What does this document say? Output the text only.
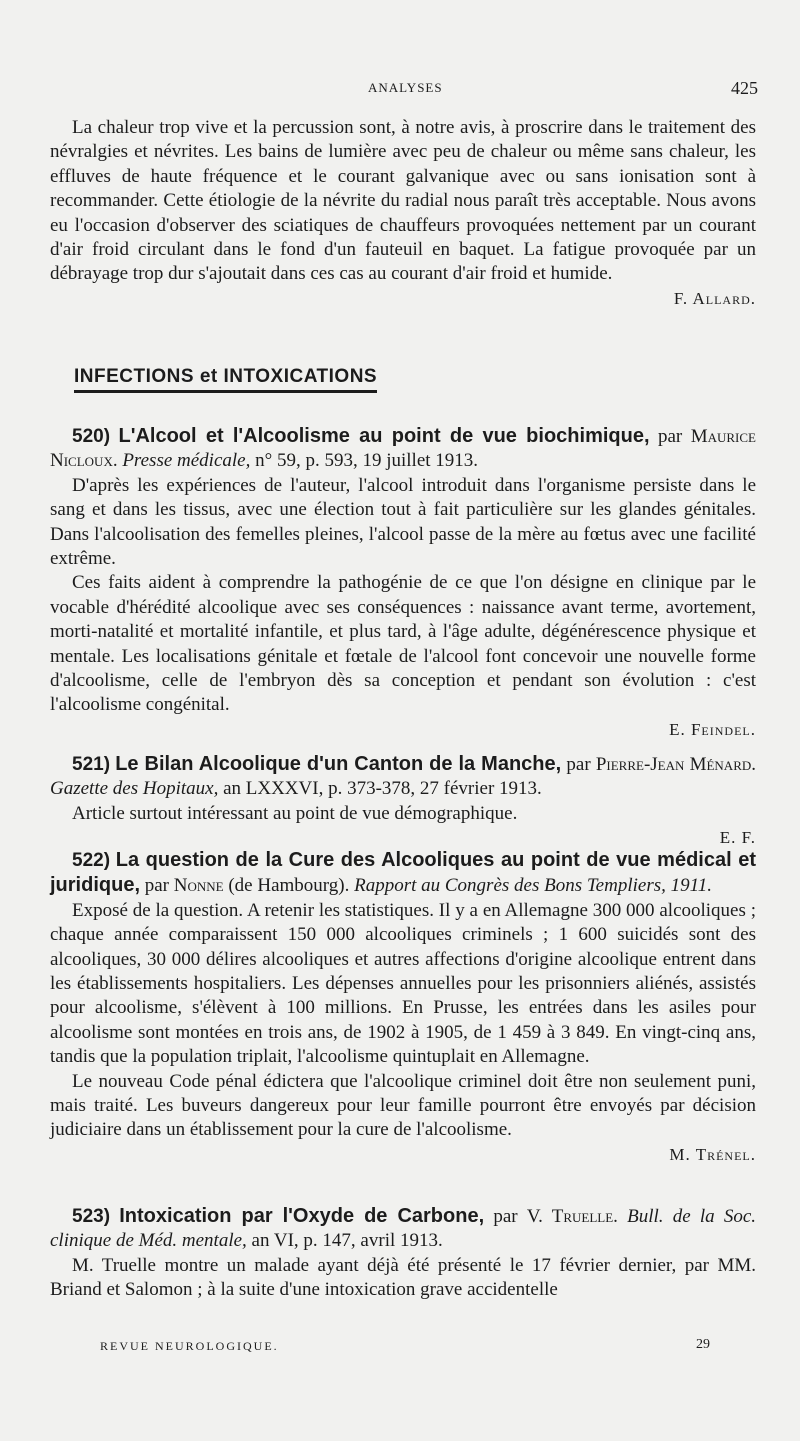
ANALYSES	425

La chaleur trop vive et la percussion sont, à notre avis, à proscrire dans le traitement des névralgies et névrites. Les bains de lumière avec peu de chaleur ou même sans chaleur, les effluves de haute fréquence et le courant galvanique avec ou sans ionisation sont à recommander. Cette étiologie de la névrite du radial nous paraît très acceptable. Nous avons eu l'occasion d'observer des sciatiques de chauffeurs provoquées nettement par un courant d'air froid circulant dans le fond d'un fauteuil en baquet. La fatigue provoquée par un débrayage trop dur s'ajoutait dans ces cas au courant d'air froid et humide.

F. Allard.
INFECTIONS et INTOXICATIONS

520) L'Alcool et l'Alcoolisme au point de vue biochimique, par Maurice Nicloux. Presse médicale, n° 59, p. 593, 19 juillet 1913.

D'après les expériences de l'auteur, l'alcool introduit dans l'organisme persiste dans le sang et dans les tissus, avec une élection tout à fait particulière sur les glandes génitales. Dans l'alcoolisation des femelles pleines, l'alcool passe de la mère au fœtus avec une facilité extrême.

Ces faits aident à comprendre la pathogénie de ce que l'on désigne en clinique par le vocable d'hérédité alcoolique avec ses conséquences : naissance avant terme, avortement, morti-natalité et mortalité infantile, et plus tard, à l'âge adulte, dégénérescence physique et mentale. Les localisations génitale et fœtale de l'alcool font concevoir une nouvelle forme d'alcoolisme, celle de l'embryon dès sa conception et pendant son évolution : c'est l'alcoolisme congénital.

E. Feindel.

521) Le Bilan Alcoolique d'un Canton de la Manche, par Pierre-Jean Ménard. Gazette des Hopitaux, an LXXXVI, p. 373-378, 27 février 1913.

Article surtout intéressant au point de vue démographique.

E. F.

522) La question de la Cure des Alcooliques au point de vue médical et juridique, par Nonne (de Hambourg). Rapport au Congrès des Bons Templiers, 1911.

Exposé de la question. A retenir les statistiques. Il y a en Allemagne 300 000 alcooliques ; chaque année comparaissent 150 000 alcooliques criminels ; 1 600 suicidés sont des alcooliques, 30 000 délires alcooliques et autres affections d'origine alcoolique entrent dans les établissements hospitaliers. Les dépenses annuelles pour les prisonniers aliénés, assistés pour alcoolisme, s'élèvent à 100 millions. En Prusse, les entrées dans les asiles pour alcoolisme sont montées en trois ans, de 1902 à 1905, de 1 459 à 3 849. En vingt-cinq ans, tandis que la population triplait, l'alcoolisme quintuplait en Allemagne.

Le nouveau Code pénal édictera que l'alcoolique criminel doit être non seulement puni, mais traité. Les buveurs dangereux pour leur famille pourront être envoyés par décision judiciaire dans un établissement pour la cure de l'alcoolisme.

M. Trénel.

523) Intoxication par l'Oxyde de Carbone, par V. Truelle. Bull. de la Soc. clinique de Méd. mentale, an VI, p. 147, avril 1913.

M. Truelle montre un malade ayant déjà été présenté le 17 février dernier, par MM. Briand et Salomon ; à la suite d'une intoxication grave accidentelle

REVUE NEUROLOGIQUE.	29
